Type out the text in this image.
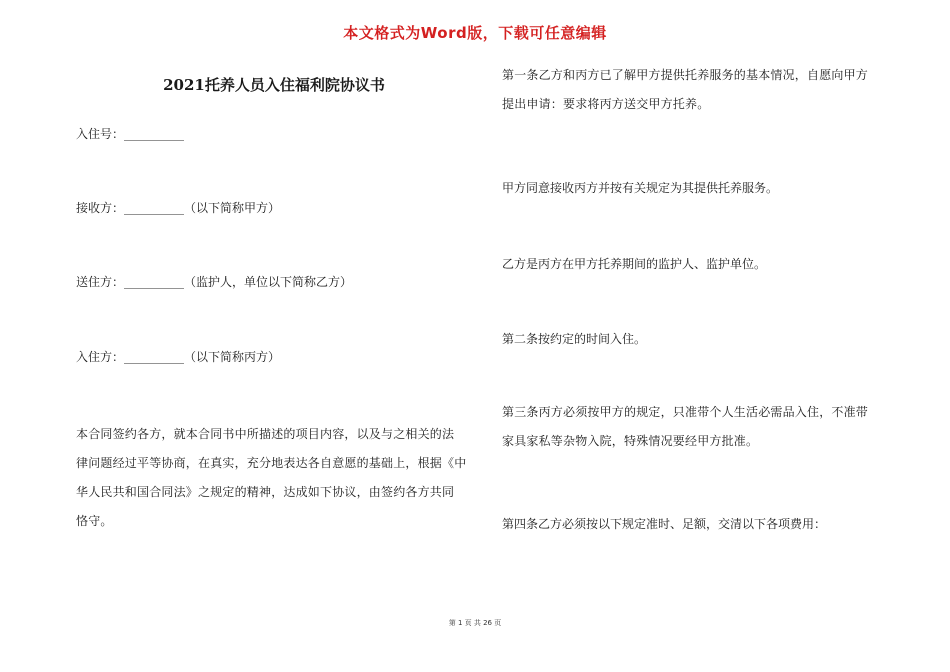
本文格式为Word版，下载可任意编辑
2021托养人员入住福利院协议书
入住号：__________
接收方：__________（以下简称甲方）
送住方：__________（监护人，单位以下简称乙方）
入住方：__________（以下简称丙方）
本合同签约各方，就本合同书中所描述的项目内容，以及与之相关的法
律问题经过平等协商，在真实，充分地表达各自意愿的基础上，根据《中
华人民共和国合同法》之规定的精神，达成如下协议，由签约各方共同
恪守。
第一条乙方和丙方已了解甲方提供托养服务的基本情况，自愿向甲方
提出申请：要求将丙方送交甲方托养。
甲方同意接收丙方并按有关规定为其提供托养服务。
乙方是丙方在甲方托养期间的监护人、监护单位。
第二条按约定的时间入住。
第三条丙方必须按甲方的规定，只准带个人生活必需品入住，不准带
家具家私等杂物入院，特殊情况要经甲方批准。
第四条乙方必须按以下规定准时、足额，交清以下各项费用：
第 1 页 共 26 页
